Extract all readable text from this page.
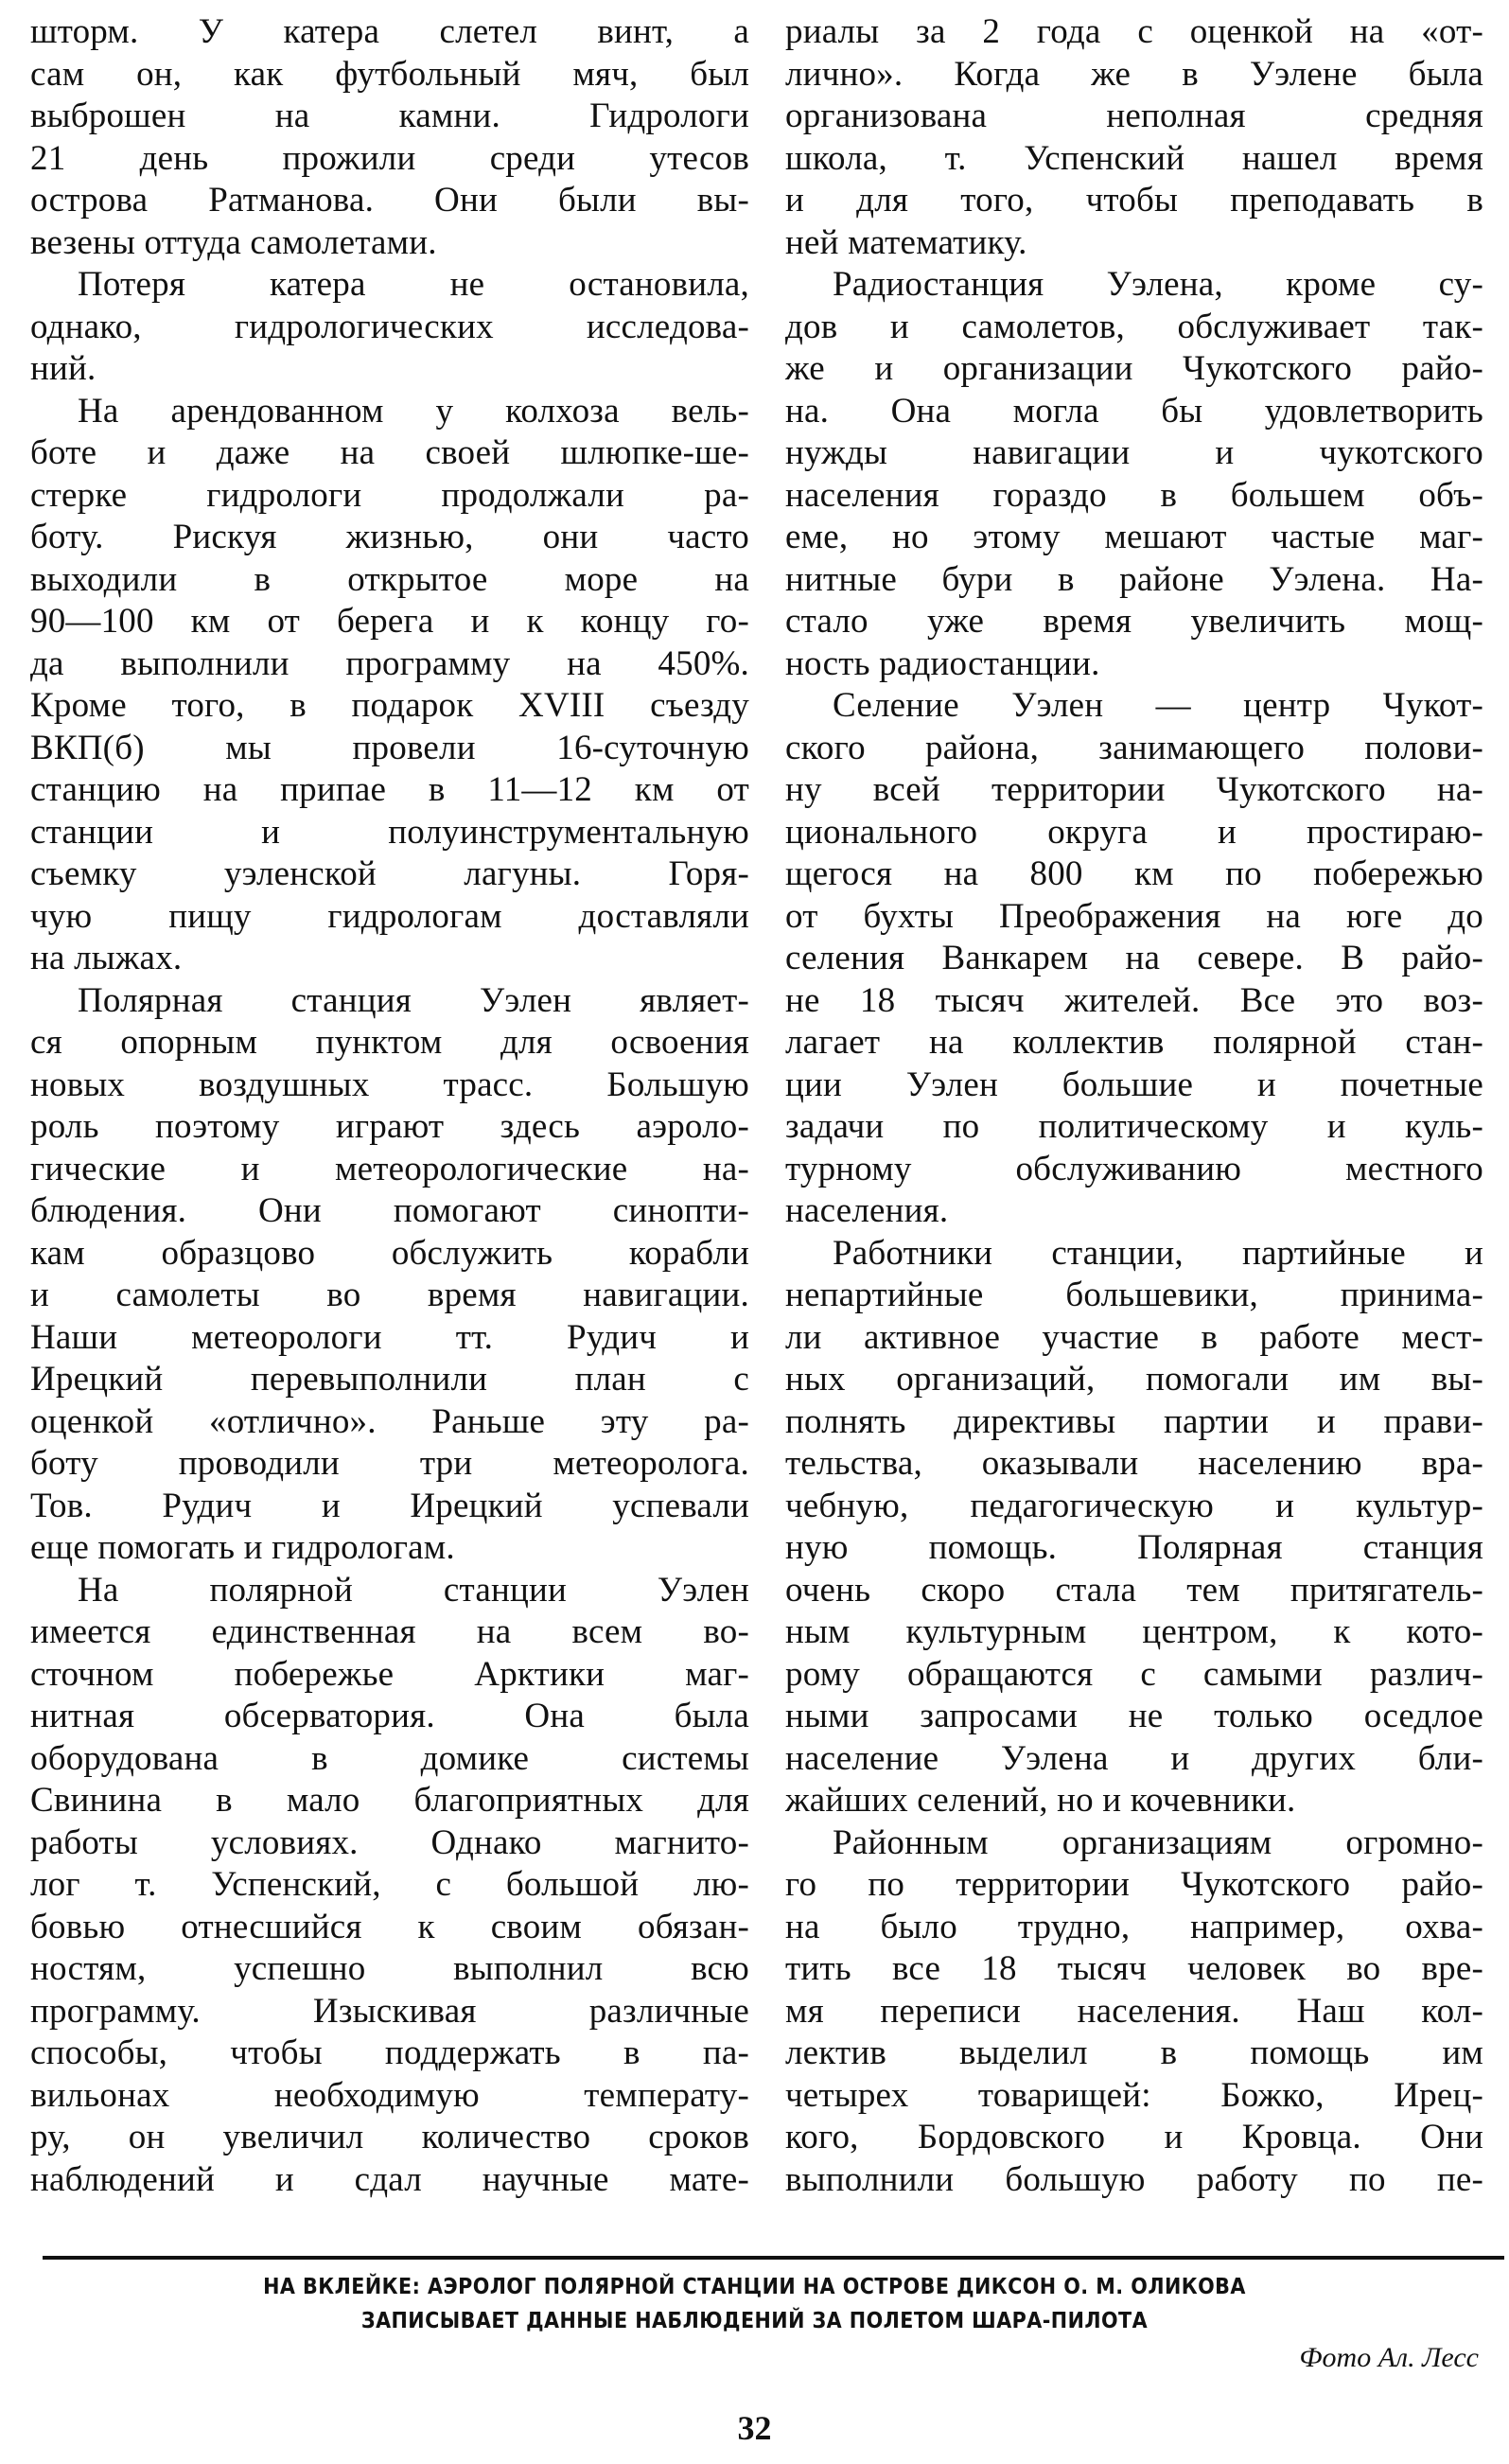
шторм. У катера слетел винт, а
сам он, как футбольный мяч, был
выброшен на камни. Гидрологи
21 день прожили среди утесов
острова Ратманова. Они были вы-
везены оттуда самолетами.
Потеря катера не остановила,
однако, гидрологических исследова-
ний.
На арендованном у колхоза вель-
боте и даже на своей шлюпке-ше-
стерке гидрологи продолжали ра-
боту. Рискуя жизнью, они часто
выходили в открытое море на
90—100 км от берега и к концу го-
да выполнили программу на 450%.
Кроме того, в подарок XVIII съезду
ВКП(б) мы провели 16-суточную
станцию на припае в 11—12 км от
станции и полуинструментальную
съемку уэленской лагуны. Горя-
чую пищу гидрологам доставляли
на лыжах.
Полярная станция Уэлен являет-
ся опорным пунктом для освоения
новых воздушных трасс. Большую
роль поэтому играют здесь аэроло-
гические и метеорологические на-
блюдения. Они помогают синопти-
кам образцово обслужить корабли
и самолеты во время навигации.
Наши метеорологи тт. Рудич и
Ирецкий перевыполнили план с
оценкой «отлично». Раньше эту ра-
боту проводили три метеоролога.
Тов. Рудич и Ирецкий успевали
еще помогать и гидрологам.
На полярной станции Уэлен
имеется единственная на всем во-
сточном побережье Арктики маг-
нитная обсерватория. Она была
оборудована в домике системы
Свинина в мало благоприятных для
работы условиях. Однако магнито-
лог т. Успенский, с большой лю-
бовью отнесшийся к своим обязан-
ностям, успешно выполнил всю
программу. Изыскивая различные
способы, чтобы поддержать в па-
вильонах необходимую температу-
ру, он увеличил количество сроков
наблюдений и сдал научные мате-
риалы за 2 года с оценкой на «от-
лично». Когда же в Уэлене была
организована неполная средняя
школа, т. Успенский нашел время
и для того, чтобы преподавать в
ней математику.
Радиостанция Уэлена, кроме су-
дов и самолетов, обслуживает так-
же и организации Чукотского райо-
на. Она могла бы удовлетворить
нужды навигации и чукотского
населения гораздо в большем объ-
еме, но этому мешают частые маг-
нитные бури в районе Уэлена. На-
стало уже время увеличить мощ-
ность радиостанции.
Селение Уэлен — центр Чукот-
ского района, занимающего полови-
ну всей территории Чукотского на-
ционального округа и простираю-
щегося на 800 км по побережью
от бухты Преображения на юге до
селения Ванкарем на севере. В райо-
не 18 тысяч жителей. Все это воз-
лагает на коллектив полярной стан-
ции Уэлен большие и почетные
задачи по политическому и куль-
турному обслуживанию местного
населения.
Работники станции, партийные и
непартийные большевики, принима-
ли активное участие в работе мест-
ных организаций, помогали им вы-
полнять директивы партии и прави-
тельства, оказывали населению вра-
чебную, педагогическую и культур-
ную помощь. Полярная станция
очень скоро стала тем притягатель-
ным культурным центром, к кото-
рому обращаются с самыми различ-
ными запросами не только оседлое
население Уэлена и других бли-
жайших селений, но и кочевники.
Районным организациям огромно-
го по территории Чукотского райо-
на было трудно, например, охва-
тить все 18 тысяч человек во вре-
мя переписи населения. Наш кол-
лектив выделил в помощь им
четырех товарищей: Божко, Ирец-
кого, Бордовского и Кровца. Они
выполнили большую работу по пе-
НА ВКЛЕЙКЕ: АЭРОЛОГ ПОЛЯРНОЙ СТАНЦИИ НА ОСТРОВЕ ДИКСОН О. М. ОЛИКОВА
ЗАПИСЫВАЕТ ДАННЫЕ НАБЛЮДЕНИЙ ЗА ПОЛЕТОМ ШАРА-ПИЛОТА
Фото Ал. Лесс
32
